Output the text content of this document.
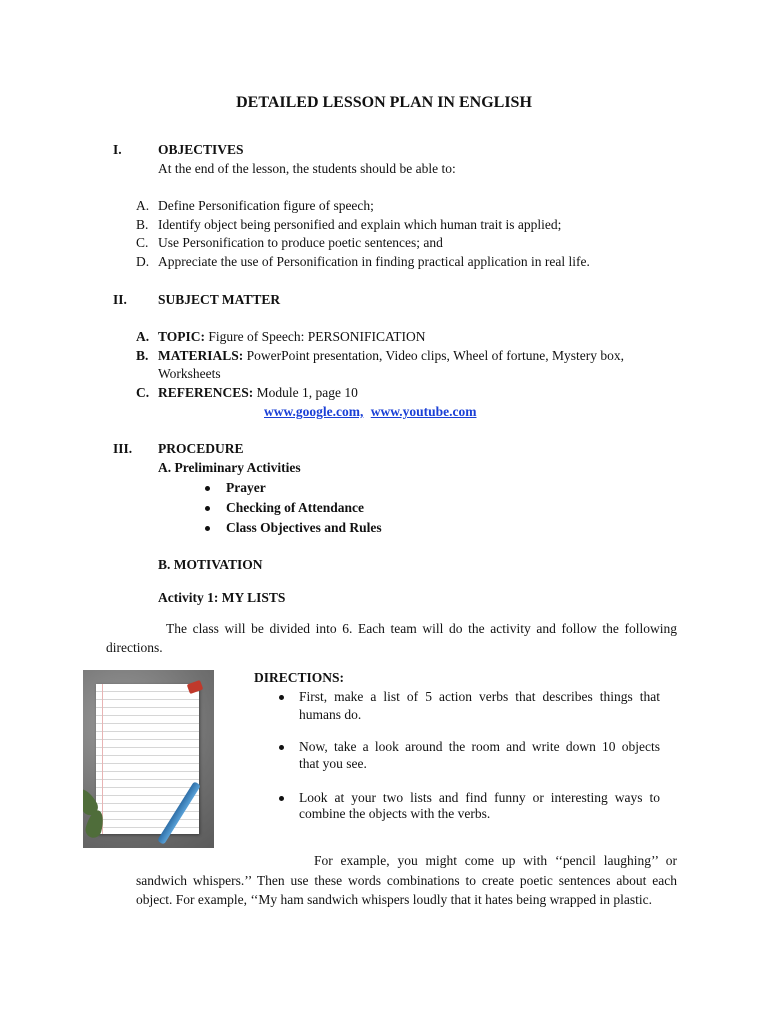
DETAILED LESSON PLAN IN ENGLISH
I.	OBJECTIVES
At the end of the lesson, the students should be able to:
A. Define Personification figure of speech;
B. Identify object being personified and explain which human trait is applied;
C. Use Personification to produce poetic sentences; and
D. Appreciate the use of Personification in finding practical application in real life.
II. SUBJECT MATTER
A. TOPIC: Figure of Speech: PERSONIFICATION
B. MATERIALS: PowerPoint presentation, Video clips, Wheel of fortune, Mystery box,
Worksheets
C. REFERENCES: Module 1, page 10
www.google.com, www.youtube.com
III. PROCEDURE
A. Preliminary Activities
Prayer
Checking of Attendance
Class Objectives and Rules
B. MOTIVATION
Activity 1: MY LISTS
The class will be divided into 6. Each team will do the activity and follow the following
directions.
DIRECTIONS:
First, make a list of 5 action verbs that describes things that
humans do.
Now, take a look around the room and write down 10 objects
that you see.
Look at your two lists and find funny or interesting ways to
combine the objects with the verbs.
For example, you might come up with ‘‘pencil laughing’’ or
sandwich whispers.’’ Then use these words combinations to create poetic sentences about each
object. For example, ‘‘My ham sandwich whispers loudly that it hates being wrapped in plastic.
